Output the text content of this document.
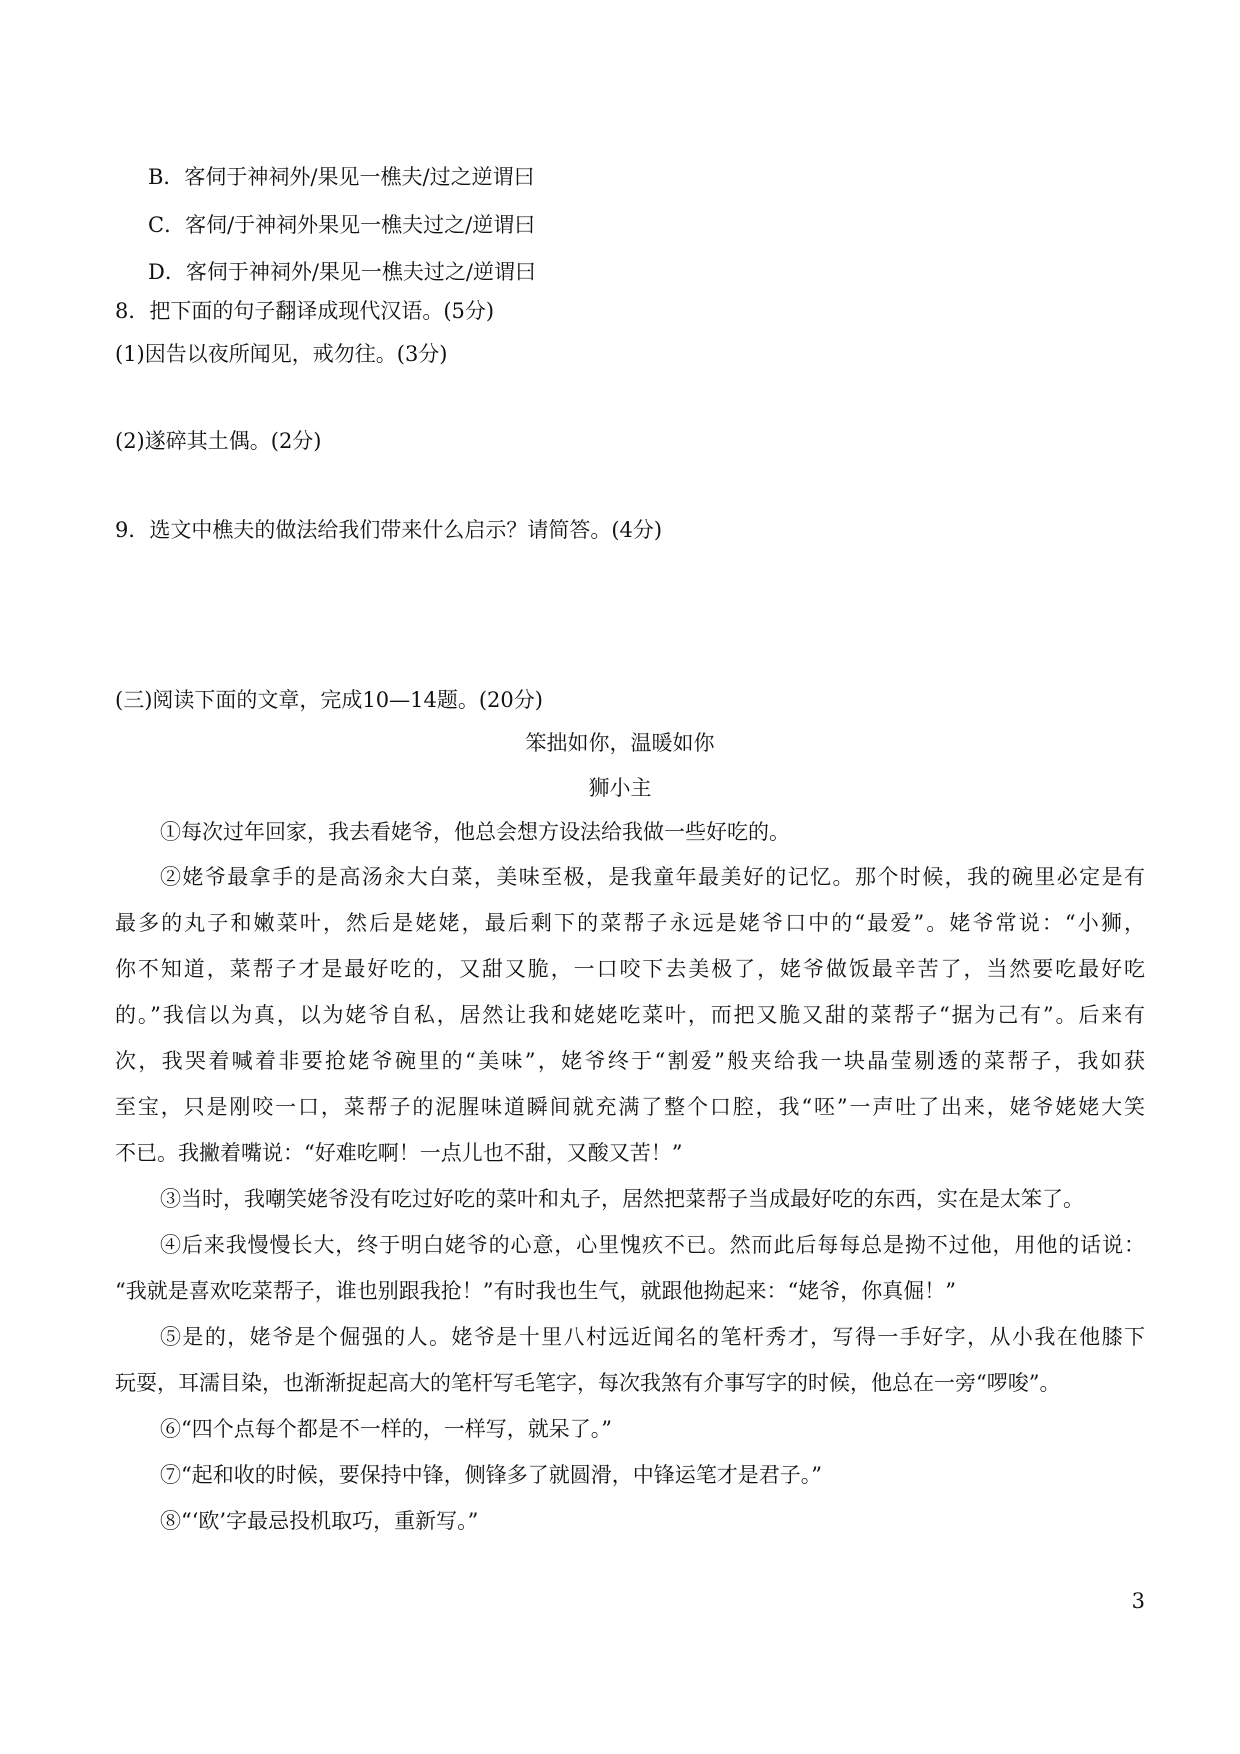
B．客伺于神祠外/果见一樵夫/过之逆谓曰
C．客伺/于神祠外果见一樵夫过之/逆谓曰
D．客伺于神祠外/果见一樵夫过之/逆谓曰
8．把下面的句子翻译成现代汉语。(5分)
(1)因告以夜所闻见，戒勿往。(3分)
(2)遂碎其土偶。(2分)
9．选文中樵夫的做法给我们带来什么启示？请简答。(4分)
(三)阅读下面的文章，完成10—14题。(20分)
笨拙如你，温暖如你
狮小主
①每次过年回家，我去看姥爷，他总会想方设法给我做一些好吃的。
②姥爷最拿手的是高汤汆大白菜，美味至极，是我童年最美好的记忆。那个时候，我的碗里必定是有
最多的丸子和嫩菜叶，然后是姥姥，最后剩下的菜帮子永远是姥爷口中的“最爱”。姥爷常说：“小狮，
你不知道，菜帮子才是最好吃的，又甜又脆，一口咬下去美极了，姥爷做饭最辛苦了，当然要吃最好吃
的。”我信以为真，以为姥爷自私，居然让我和姥姥吃菜叶，而把又脆又甜的菜帮子“据为己有”。后来有
次，我哭着喊着非要抢姥爷碗里的“美味”，姥爷终于“割爱”般夹给我一块晶莹剔透的菜帮子，我如获
至宝，只是刚咬一口，菜帮子的泥腥味道瞬间就充满了整个口腔，我“呸”一声吐了出来，姥爷姥姥大笑
不已。我撇着嘴说：“好难吃啊！一点儿也不甜，又酸又苦！”
③当时，我嘲笑姥爷没有吃过好吃的菜叶和丸子，居然把菜帮子当成最好吃的东西，实在是太笨了。
④后来我慢慢长大，终于明白姥爷的心意，心里愧疚不已。然而此后每每总是拗不过他，用他的话说：
“我就是喜欢吃菜帮子，谁也别跟我抢！”有时我也生气，就跟他拗起来：“姥爷，你真倔！”
⑤是的，姥爷是个倔强的人。姥爷是十里八村远近闻名的笔杆秀才，写得一手好字，从小我在他膝下
玩耍，耳濡目染，也渐渐捉起高大的笔杆写毛笔字，每次我煞有介事写字的时候，他总在一旁“啰唆”。
⑥“四个点每个都是不一样的，一样写，就呆了。”
⑦“起和收的时候，要保持中锋，侧锋多了就圆滑，中锋运笔才是君子。”
⑧“‘欧’字最忌投机取巧，重新写。”
3
